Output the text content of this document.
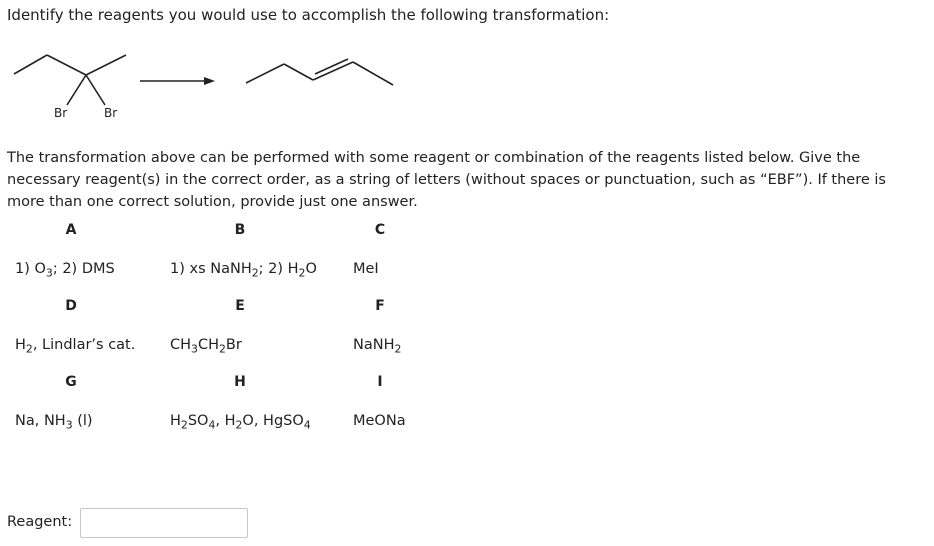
Identify the reagents you would use to accomplish the following transformation:
Br	Br

The transformation above can be performed with some reagent or combination of the reagents listed below. Give the necessary reagent(s) in the correct order, as a string of letters (without spaces or punctuation, such as “EBF”). If there is more than one correct solution, provide just one answer.

A
1) $O_3$; 2) DMS
B
1) xs NaNH$_2$; 2) $H_2O$
C
MeI
D
$H_2$, Lindlar’s cat.
E
$CH_3CH_2Br$
F
NaNH$_2$
G
Na, $NH_3$ (l)
H
$H_2SO_4$, $H_2O$, HgSO$_4$
I
MeONa
Reagent:
